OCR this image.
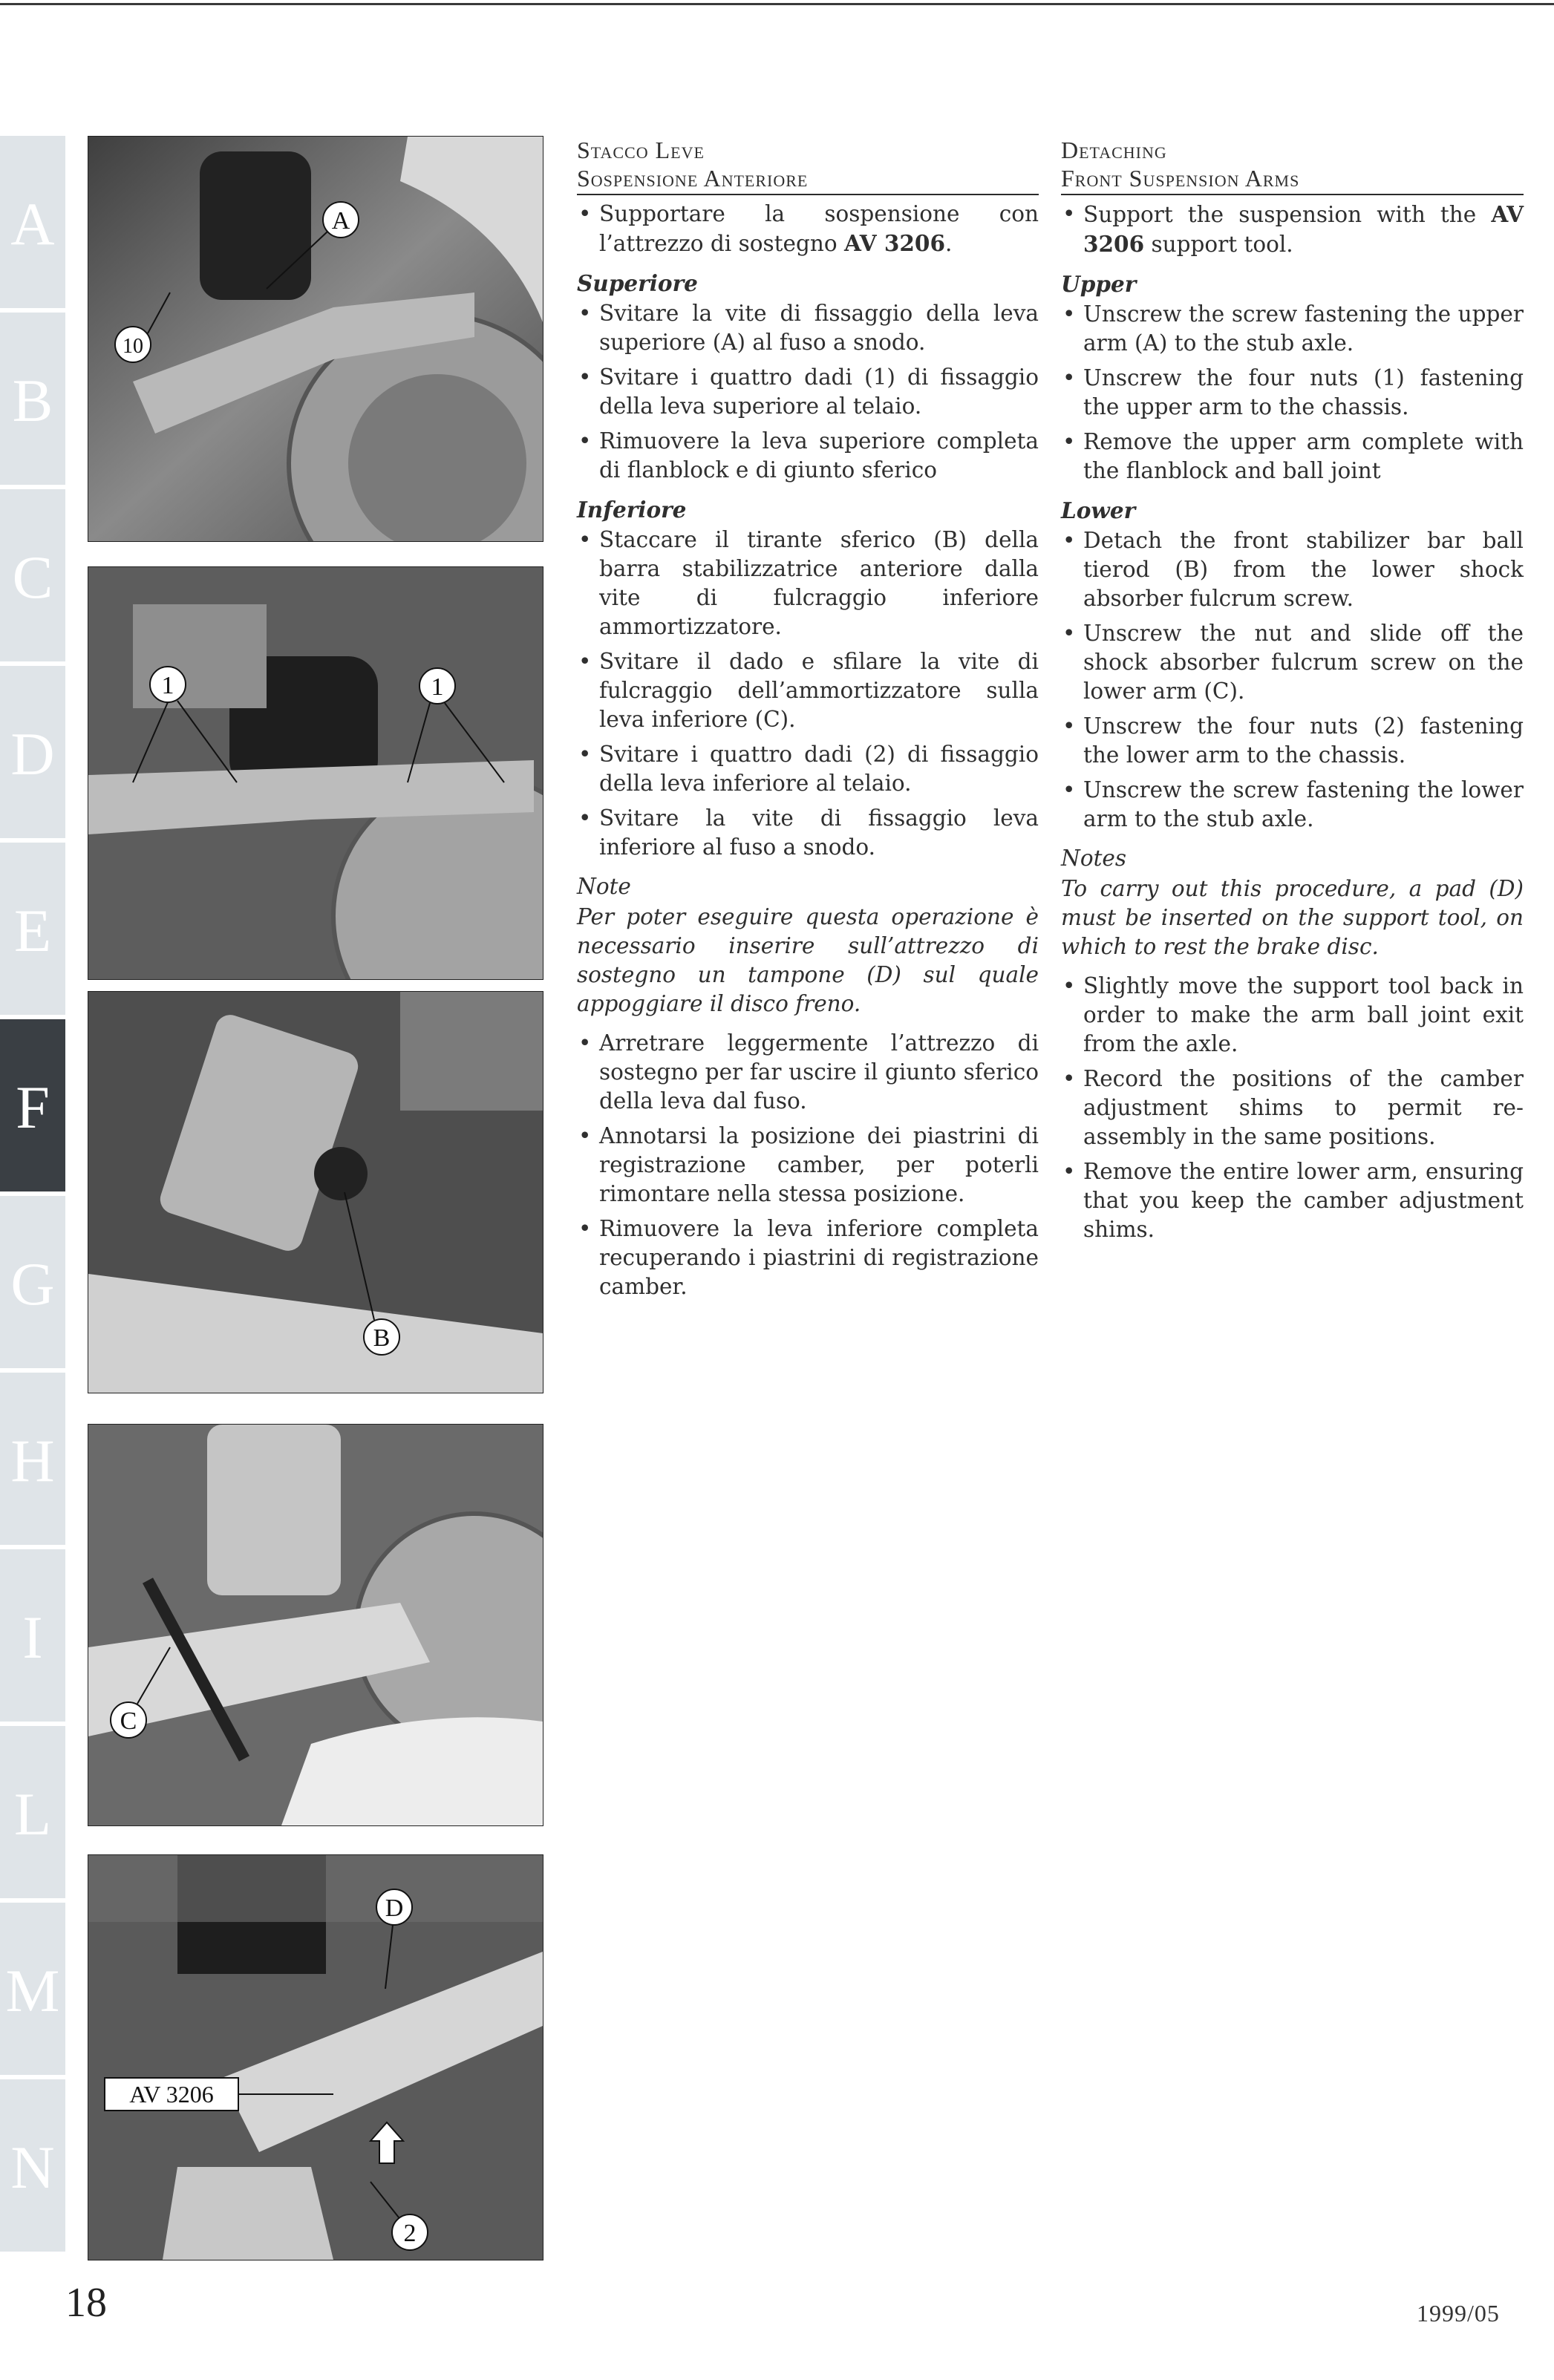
A
B
C
D
E
F
G
H
I
L
M
N
A
10
1	1
B
C
D
AV 3206
2
Stacco Leve
Sospensione Anteriore
• Supportare la sospensione con l’attrezzo di sostegno AV 3206.
Superiore
• Svitare la vite di fissaggio della leva superiore (A) al fuso a snodo.
• Svitare i quattro dadi (1) di fissaggio della leva superiore al telaio.
• Rimuovere la leva superiore completa di flanblock e di giunto sferico
Inferiore
• Staccare il tirante sferico (B) della barra stabilizzatrice anteriore dalla vite di fulcraggio inferiore ammortizzatore.
• Svitare il dado e sfilare la vite di fulcraggio dell’ammortizzatore sulla leva inferiore (C).
• Svitare i quattro dadi (2) di fissaggio della leva inferiore al telaio.
• Svitare la vite di fissaggio leva inferiore al fuso a snodo.
Note
Per poter eseguire questa operazione è necessario inserire sull’attrezzo di sostegno un tampone (D) sul quale appoggiare il disco freno.
• Arretrare leggermente l’attrezzo di sostegno per far uscire il giunto sferico della leva dal fuso.
• Annotarsi la posizione dei piastrini di registrazione camber, per poterli rimontare nella stessa posizione.
• Rimuovere la leva inferiore completa recuperando i piastrini di registrazione camber.
Detaching
Front Suspension Arms
• Support the suspension with the AV 3206 support tool.
Upper
• Unscrew the screw fastening the upper arm (A) to the stub axle.
• Unscrew the four nuts (1) fastening the upper arm to the chassis.
• Remove the upper arm complete with the flanblock and ball joint
Lower
• Detach the front stabilizer bar ball tierod (B) from the lower shock absorber fulcrum screw.
• Unscrew the nut and slide off the shock absorber fulcrum screw on the lower arm (C).
• Unscrew the four nuts (2) fastening the lower arm to the chassis.
• Unscrew the screw fastening the lower arm to the stub axle.
Notes
To carry out this procedure, a pad (D) must be inserted on the support tool, on which to rest the brake disc.
• Slightly move the support tool back in order to make the arm ball joint exit from the axle.
• Record the positions of the camber adjustment shims to permit re-assembly in the same positions.
• Remove the entire lower arm, ensuring that you keep the camber adjustment shims.
18	1999/05
